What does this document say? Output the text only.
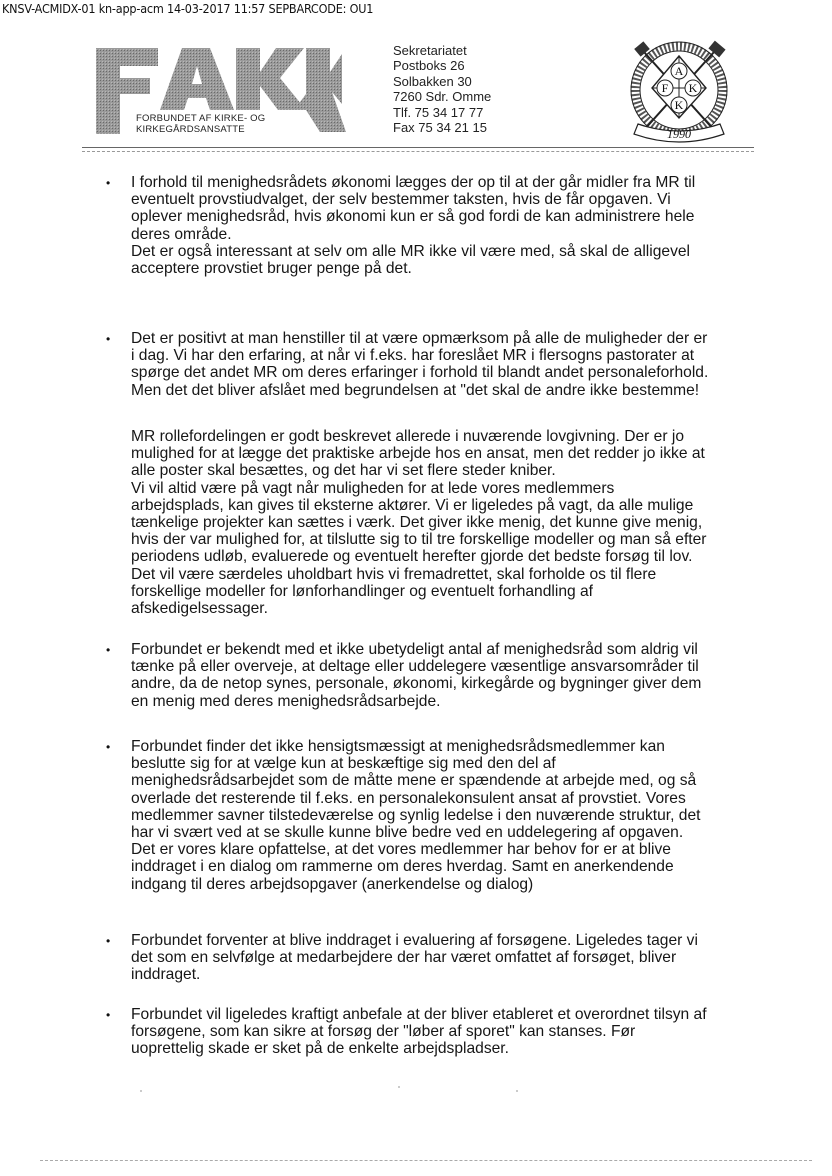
KNSV-ACMIDX-01 kn-app-acm 14-03-2017 11:57 SEPBARCODE: OU1
FORBUNDET AF KIRKE- OG
KIRKEGÅRDSANSATTE
Sekretariatet
Postboks 26
Solbakken 30
7260 Sdr. Omme
Tlf. 75 34 17 77
Fax 75 34 21 15
A
F K
K
1990
• I forhold til menighedsrådets økonomi lægges der op til at der går midler fra MR til

eventuelt provstiudvalget, der selv bestemmer taksten, hvis de får opgaven. Vi

oplever menighedsråd, hvis økonomi kun er så god fordi de kan administrere hele

deres område.

Det er også interessant at selv om alle MR ikke vil være med, så skal de alligevel

acceptere provstiet bruger penge på det.

• Det er positivt at man henstiller til at være opmærksom på alle de muligheder der er

i dag. Vi har den erfaring, at når vi f.eks. har foreslået MR i flersogns pastorater at

spørge det andet MR om deres erfaringer i forhold til blandt andet personaleforhold.

Men det det bliver afslået med begrundelsen at "det skal de andre ikke bestemme!

MR rollefordelingen er godt beskrevet allerede i nuværende lovgivning. Der er jo

mulighed for at lægge det praktiske arbejde hos en ansat, men det redder jo ikke at

alle poster skal besættes, og det har vi set flere steder kniber.

Vi vil altid være på vagt når muligheden for at lede vores medlemmers

arbejdsplads, kan gives til eksterne aktører. Vi er ligeledes på vagt, da alle mulige

tænkelige projekter kan sættes i værk. Det giver ikke menig, det kunne give menig,

hvis der var mulighed for, at tilslutte sig to til tre forskellige modeller og man så efter

periodens udløb, evaluerede og eventuelt herefter gjorde det bedste forsøg til lov.

Det vil være særdeles uholdbart hvis vi fremadrettet, skal forholde os til flere

forskellige modeller for lønforhandlinger og eventuelt forhandling af

afskedigelsessager.

• Forbundet er bekendt med et ikke ubetydeligt antal af menighedsråd som aldrig vil

tænke på eller overveje, at deltage eller uddelegere væsentlige ansvarsområder til

andre, da de netop synes, personale, økonomi, kirkegårde og bygninger giver dem

en menig med deres menighedsrådsarbejde.

• Forbundet finder det ikke hensigtsmæssigt at menighedsrådsmedlemmer kan

beslutte sig for at vælge kun at beskæftige sig med den del af

menighedsrådsarbejdet som de måtte mene er spændende at arbejde med, og så

overlade det resterende til f.eks. en personalekonsulent ansat af provstiet. Vores

medlemmer savner tilstedeværelse og synlig ledelse i den nuværende struktur, det

har vi svært ved at se skulle kunne blive bedre ved en uddelegering af opgaven.

Det er vores klare opfattelse, at det vores medlemmer har behov for er at blive

inddraget i en dialog om rammerne om deres hverdag. Samt en anerkendende

indgang til deres arbejdsopgaver (anerkendelse og dialog)

• Forbundet forventer at blive inddraget i evaluering af forsøgene. Ligeledes tager vi

det som en selvfølge at medarbejdere der har været omfattet af forsøget, bliver

inddraget.

• Forbundet vil ligeledes kraftigt anbefale at der bliver etableret et overordnet tilsyn af

forsøgene, som kan sikre at forsøg der "løber af sporet" kan stanses. Før

uoprettelig skade er sket på de enkelte arbejdspladser.
